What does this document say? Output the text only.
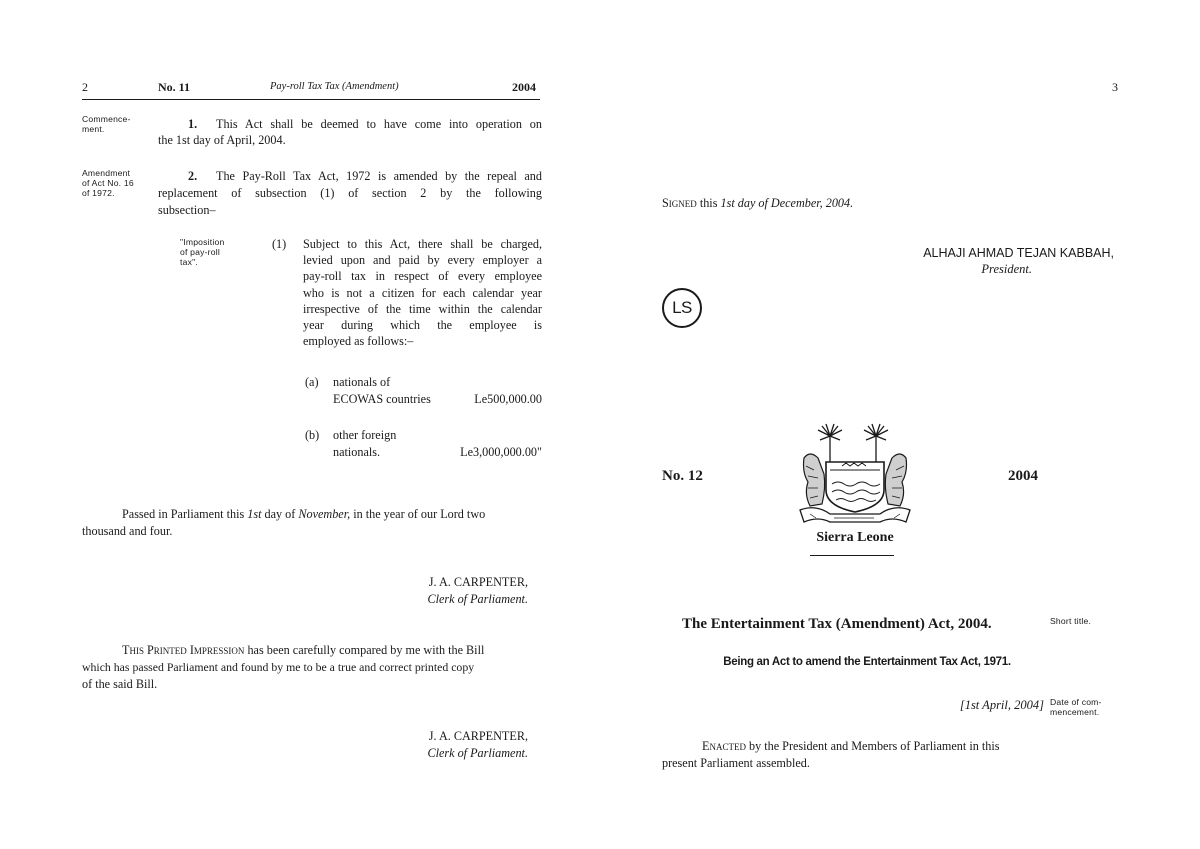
2	No. 11	Pay-roll Tax Tax (Amendment)	2004
Commence-
ment.	1. This Act shall be deemed to have come into operation on
the 1st day of April, 2004.
Amendment
of Act No. 16
of 1972.
2. The Pay-Roll Tax Act, 1972 is amended by the repeal and
replacement of subsection (1) of section 2 by the following
subsection–
"Imposition
of pay-roll
tax".
(1) Subject to this Act, there shall be charged,
levied upon and paid by every employer a
pay-roll tax in respect of every employee
who is not a citizen for each calendar year
irrespective of the time within the calendar
year during which the employee is
employed as follows:–
(a) nationals of
ECOWAS countries	Le500,000.00
(b) other foreign
nationals.	Le3,000,000.00"
Passed in Parliament this 1st day of November, in the year of our Lord two
thousand and four.
J. A. CARPENTER,
Clerk of Parliament.
This Printed Impression has been carefully compared by me with the Bill
which has passed Parliament and found by me to be a true and correct printed copy
of the said Bill.
J. A. CARPENTER,
Clerk of Parliament.
3
Signed this 1st day of December, 2004.
ALHAJI AHMAD TEJAN KABBAH,
President.
LS
No. 12	2004
Sierra Leone
The Entertainment Tax (Amendment) Act, 2004.	Short title.
Being an Act to amend the Entertainment Tax Act, 1971.
[1st April, 2004] Date of com-
mencement.
Enacted by the President and Members of Parliament in this
present Parliament assembled.
